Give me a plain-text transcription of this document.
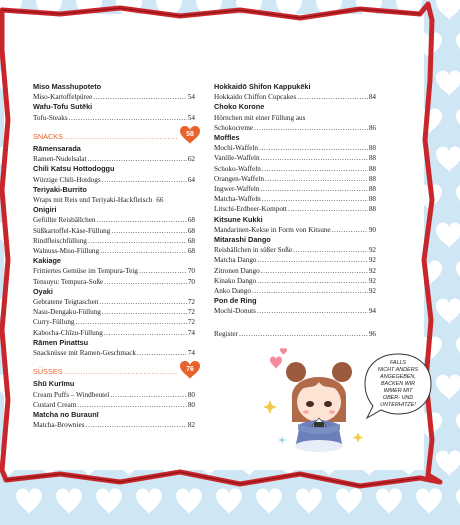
Miso Masshupoteto
Miso-Kartoffelpüree .....	54
Wafu-Tofu Sutēki
Tofu-Steaks .....	54
SNACKS .....	58
Rāmensarada
Ramen-Nudelsalat .....	62
Chili Katsu Hottodoggu
Würzige Chili-Hotdogs .....	64
Teriyaki-Burrito
Wraps mit Reis und Teriyaki-Hackfleisch 66
Onigiri
Gefüllte Reisbällchen .....	68
Süßkartoffel-Käse-Füllung .....	68
Rindfleischfüllung .....	68
Walnuss-Miso-Füllung .....	68
Kakiage
Frittiertes Gemüse im Tempura-Teig .....	70
Tensuyu: Tempura-Soße .....	70
Oyaki
Gebratene Teigtaschen .....	72
Nasu-Dengaku-Füllung .....	72
Curry-Füllung .....	72
Kabocha-Chīzu-Füllung .....	74
Rāmen Pinattsu
Snacknüsse mit Ramen-Geschmack .....	74
SÜSSES .....	76
Shū Kurīmu
Cream Puffs – Windbeutel .....	80
Custard Cream .....	80
Matcha no Buraunī
Matcha-Brownies .....	82
Hokkaidō Shifon Kappukēki
Hokkaido Chiffon Cupcakes .....	84
Choko Korone
Hörnchen mit einer Füllung aus
Schokocreme .....	86
Moffles
Mochi-Waffeln .....	88
Vanille-Waffeln .....	88
Schoko-Waffeln .....	88
Orangen-Waffeln .....	88
Ingwer-Waffeln .....	88
Matcha-Waffeln .....	88
Litschi-Erdbeer-Kompott .....	88
Kitsune Kukki
Mandarinen-Kekse in Form von Kitsune .....	90
Mitarashi Dango
Reisbällchen in süßer Soße .....	92
Matcha Dango .....	92
Zitronen Dango .....	92
Kinako Dango .....	92
Anko Dango .....	92
Pon de Ring
Mochi-Donuts .....	94
Register .....	96
FALLS
NICHT ANDERS
ANGEGEBEN,
BACKEN WIR
IMMER MIT
OBER- UND
UNTERHITZE!
